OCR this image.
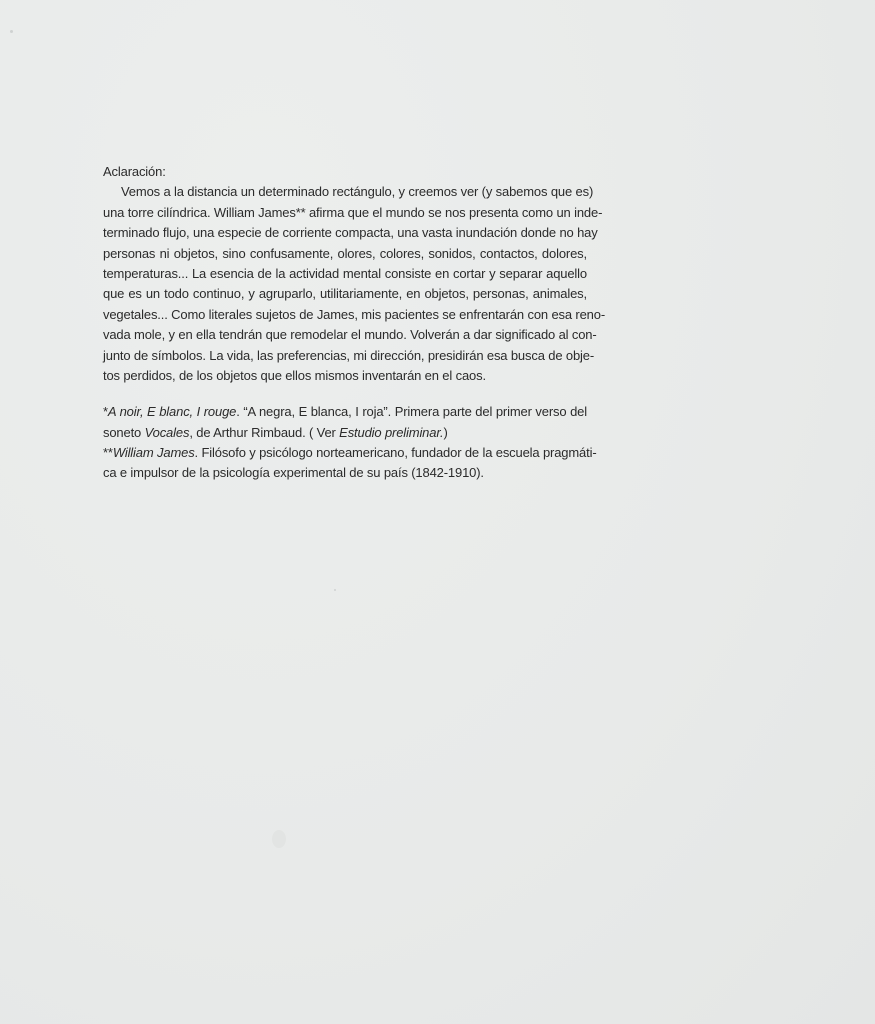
Aclaración:
Vemos a la distancia un determinado rectángulo, y creemos ver (y sabemos que es)
una torre cilíndrica. William James** afirma que el mundo se nos presenta como un inde-
terminado flujo, una especie de corriente compacta, una vasta inundación donde no hay
personas ni objetos, sino confusamente, olores, colores, sonidos, contactos, dolores,
temperaturas... La esencia de la actividad mental consiste en cortar y separar aquello
que es un todo continuo, y agruparlo, utilitariamente, en objetos, personas, animales,
vegetales... Como literales sujetos de James, mis pacientes se enfrentarán con esa reno-
vada mole, y en ella tendrán que remodelar el mundo. Volverán a dar significado al con-
junto de símbolos. La vida, las preferencias, mi dirección, presidirán esa busca de obje-
tos perdidos, de los objetos que ellos mismos inventarán en el caos.
*A noir, E blanc, I rouge. “A negra, E blanca, I roja”. Primera parte del primer verso del
soneto Vocales, de Arthur Rimbaud. ( Ver Estudio preliminar.)
**William James. Filósofo y psicólogo norteamericano, fundador de la escuela pragmáti-
ca e impulsor de la psicología experimental de su país (1842-1910).
